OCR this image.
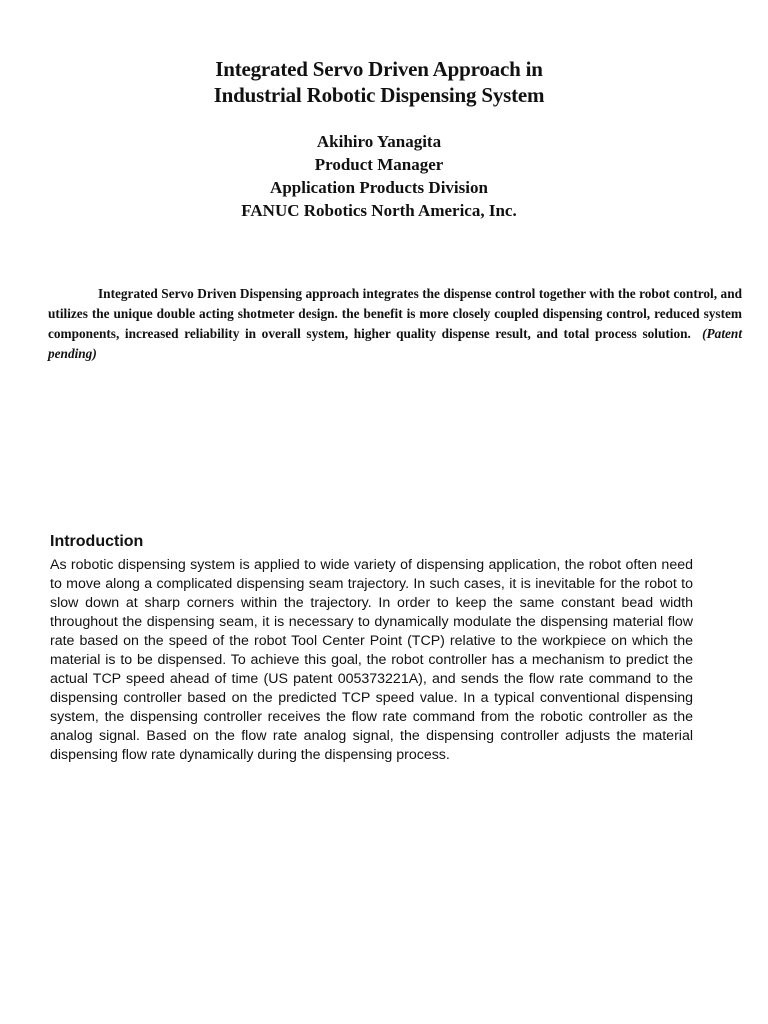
Integrated Servo Driven Approach in
Industrial Robotic Dispensing System
Akihiro Yanagita
Product Manager
Application Products Division
FANUC Robotics North America, Inc.

Integrated Servo Driven Dispensing approach integrates the dispense control together with the robot control, and utilizes the unique double acting shotmeter design. the benefit is more closely coupled dispensing control, reduced system components, increased reliability in overall system, higher quality dispense result, and total process solution. (Patent pending)

Introduction

As robotic dispensing system is applied to wide variety of dispensing application, the robot often need to move along a complicated dispensing seam trajectory. In such cases, it is inevitable for the robot to slow down at sharp corners within the trajectory. In order to keep the same constant bead width throughout the dispensing seam, it is necessary to dynamically modulate the dispensing material flow rate based on the speed of the robot Tool Center Point (TCP) relative to the workpiece on which the material is to be dispensed. To achieve this goal, the robot controller has a mechanism to predict the actual TCP speed ahead of time (US patent 005373221A), and sends the flow rate command to the dispensing controller based on the predicted TCP speed value. In a typical conventional dispensing system, the dispensing controller receives the flow rate command from the robotic controller as the analog signal. Based on the flow rate analog signal, the dispensing controller adjusts the material dispensing flow rate dynamically during the dispensing process.
